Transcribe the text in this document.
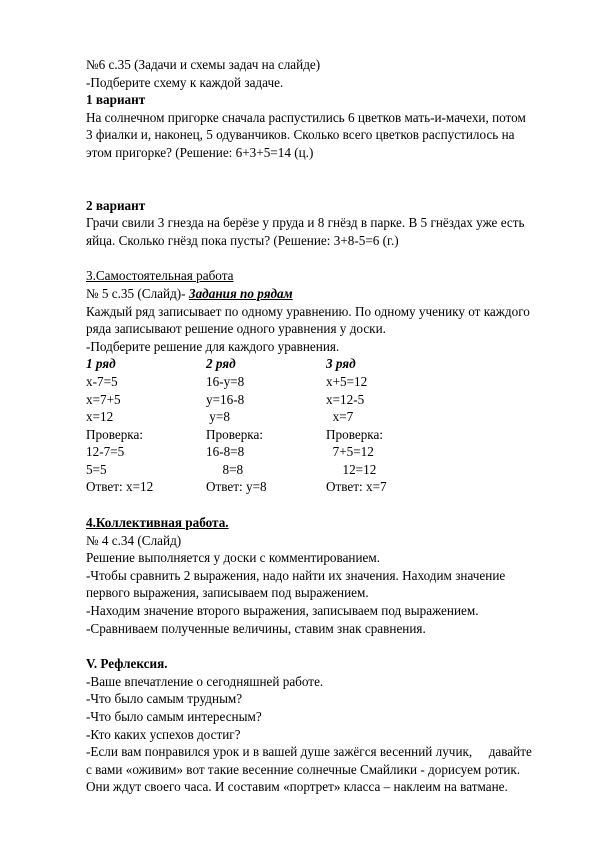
№6 с.35 (Задачи и схемы задач на слайде)
-Подберите схему к каждой задаче.
1 вариант
На солнечном пригорке сначала распустились 6 цветков мать-и-мачехи, потом
3 фиалки и, наконец, 5 одуванчиков. Сколько всего цветков распустилось на
этом пригорке? (Решение: 6+3+5=14 (ц.)
2 вариант
Грачи свили 3 гнезда на берёзе у пруда и 8 гнёзд в парке. В 5 гнёздах уже есть
яйца. Сколько гнёзд пока пусты? (Решение: 3+8-5=6 (г.)
3.Самостоятельная работа
№ 5 с.35 (Слайд)- Задания по рядам
Каждый ряд записывает по одному уравнению. По одному ученику от каждого
ряда записывают решение одного уравнения у доски.
-Подберите решение для каждого уравнения.
1 ряд	2 ряд	3 ряд
х-7=5	16-у=8	х+5=12
х=7+5	у=16-8	х=12-5
х=12	у=8	х=7
Проверка:	Проверка:	Проверка:
12-7=5	16-8=8	7+5=12
5=5	8=8	12=12
Ответ: х=12	Ответ: у=8	Ответ: х=7
4.Коллективная работа.
№ 4 с.34 (Слайд)
Решение выполняется у доски с комментированием.
-Чтобы сравнить 2 выражения, надо найти их значения. Находим значение
первого выражения, записываем под выражением.
-Находим значение второго выражения, записываем под выражением.
-Сравниваем полученные величины, ставим знак сравнения.
V. Рефлексия.
-Ваше впечатление о сегодняшней работе.
-Что было самым трудным?
-Что было самым интересным?
-Кто каких успехов достиг?
-Если вам понравился урок и в вашей душе зажёгся весенний лучик,     давайте
с вами «оживим» вот такие весенние солнечные Смайлики - дорисуем ротик.
Они ждут своего часа. И составим «портрет» класса – наклеим на ватмане.
